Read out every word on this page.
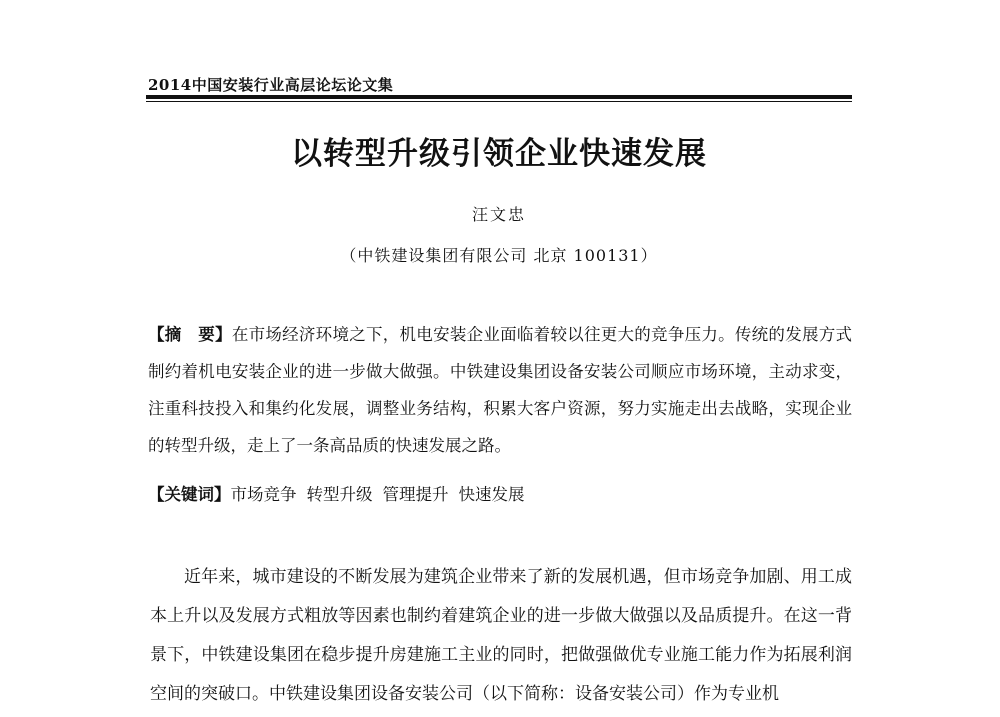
2014中国安装行业高层论坛论文集
以转型升级引领企业快速发展
汪文忠
（中铁建设集团有限公司 北京 100131）
【摘　要】在市场经济环境之下，机电安装企业面临着较以往更大的竞争压力。传统的发展方式制约着机电安装企业的进一步做大做强。中铁建设集团设备安装公司顺应市场环境，主动求变，注重科技投入和集约化发展，调整业务结构，积累大客户资源，努力实施走出去战略，实现企业的转型升级，走上了一条高品质的快速发展之路。
【关键词】市场竞争 转型升级 管理提升 快速发展
近年来，城市建设的不断发展为建筑企业带来了新的发展机遇，但市场竞争加剧、用工成本上升以及发展方式粗放等因素也制约着建筑企业的进一步做大做强以及品质提升。在这一背景下，中铁建设集团在稳步提升房建施工主业的同时，把做强做优专业施工能力作为拓展利润空间的突破口。中铁建设集团设备安装公司（以下简称：设备安装公司）作为专业机
